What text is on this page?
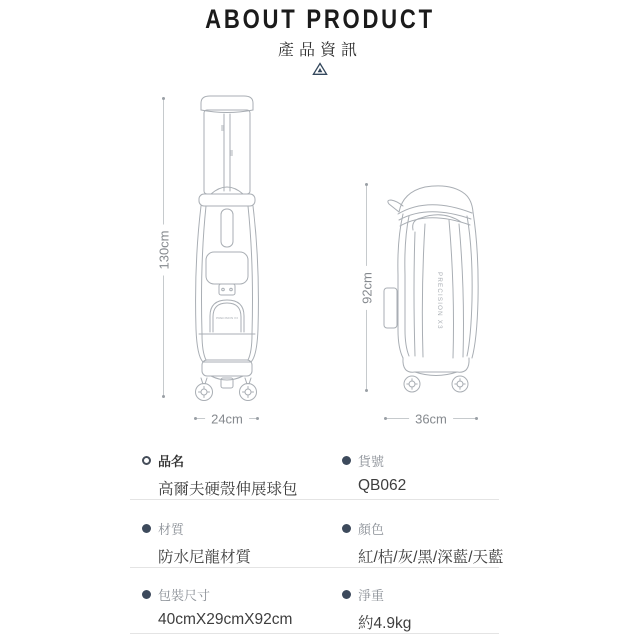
ABOUT PRODUCT
產品資訊
PRECISION X3	PRECISION X3
130cm
92cm
24cm	36cm
品名
高爾夫硬殼伸展球包
貨號
QB062
材質
防水尼龍材質
顏色
紅/桔/灰/黑/深藍/天藍
包裝尺寸
40cmX29cmX92cm
淨重
約4.9kg
